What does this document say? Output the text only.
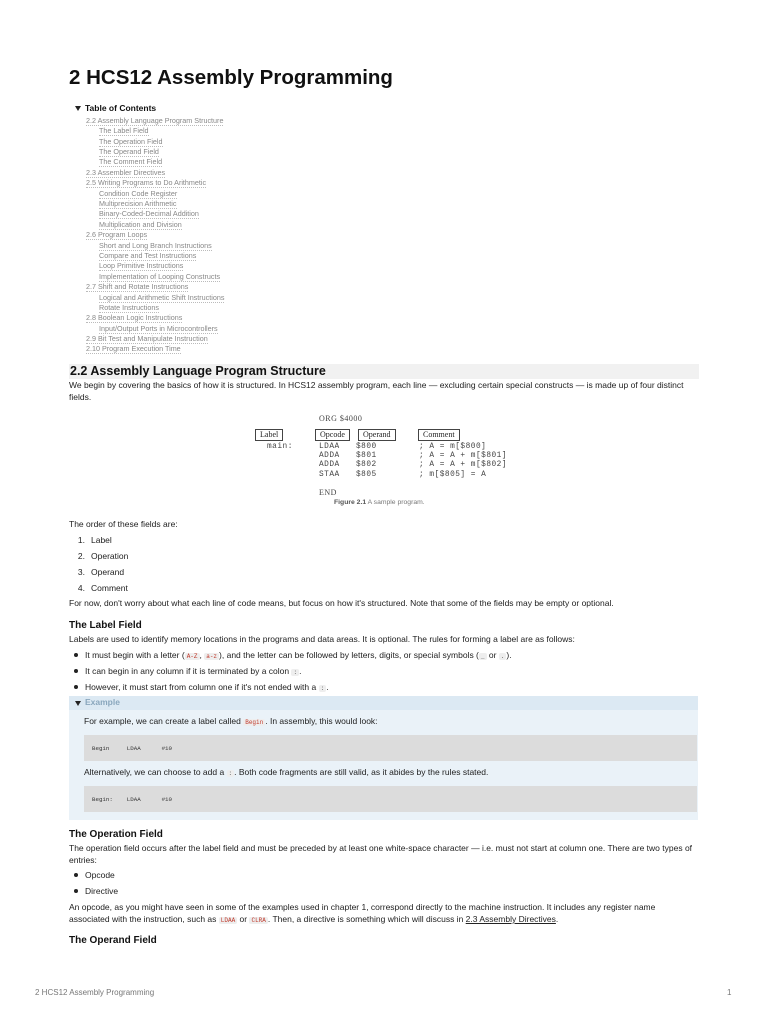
2 HCS12 Assembly Programming
Table of Contents
2.2 Assembly Language Program Structure
The Label Field
The Operation Field
The Operand Field
The Comment Field
2.3 Assembler Directives
2.5 Writing Programs to Do Arithmetic
Condition Code Register
Multiprecision Arithmetic
Binary-Coded-Decimal Addition
Multiplication and Division
2.6 Program Loops
Short and Long Branch Instructions
Compare and Test Instructions
Loop Primitive Instructions
Implementation of Looping Constructs
2.7 Shift and Rotate Instructions
Logical and Arithmetic Shift Instructions
Rotate Instructions
2.8 Boolean Logic Instructions
Input/Output Ports in Microcontrollers
2.9 Bit Test and Manipulate Instruction
2.10 Program Execution Time
2.2 Assembly Language Program Structure

We begin by covering the basics of how it is structured. In HCS12 assembly program, each line — excluding certain special constructs — is made up of four distinct fields.

ORG $4000
Label	Opcode	Operand	Comment
main:	LDAA $800	; A = m[$800]
ADDA $801	; A = A + m[$801]
ADDA $802	; A = A + m[$802]
STAA $805	; m[$805] = A
END
Figure 2.1 A sample program.

The order of these fields are:

1. Label
2. Operation
3. Operand
4. Comment

For now, don't worry about what each line of code means, but focus on how it's structured. Note that some of the fields may be empty or optional.

The Label Field

Labels are used to identify memory locations in the programs and data areas. It is optional. The rules for forming a label are as follows:

It must begin with a letter ( A-Z , a-z ), and the letter can be followed by letters, digits, or special symbols ( _ or . ).
It can begin in any column if it is terminated by a colon : .
However, it must start from column one if it's not ended with a : .
Example

For example, we can create a label called Begin . In assembly, this would look:

Begin     LDAA      #10

Alternatively, we can choose to add a : . Both code fragments are still valid, as it abides by the rules stated.

Begin:    LDAA      #10
The Operation Field

The operation field occurs after the label field and must be preceded by at least one white-space character — i.e. must not start at column one. There are two types of entries:

Opcode
Directive

An opcode, as you might have seen in some of the examples used in chapter 1, correspond directly to the machine instruction. It includes any register name associated with the instruction, such as LDAA or CLRA . Then, a directive is something which will discuss in 2.3 Assembly Directives.

The Operand Field
2 HCS12 Assembly Programming	1
